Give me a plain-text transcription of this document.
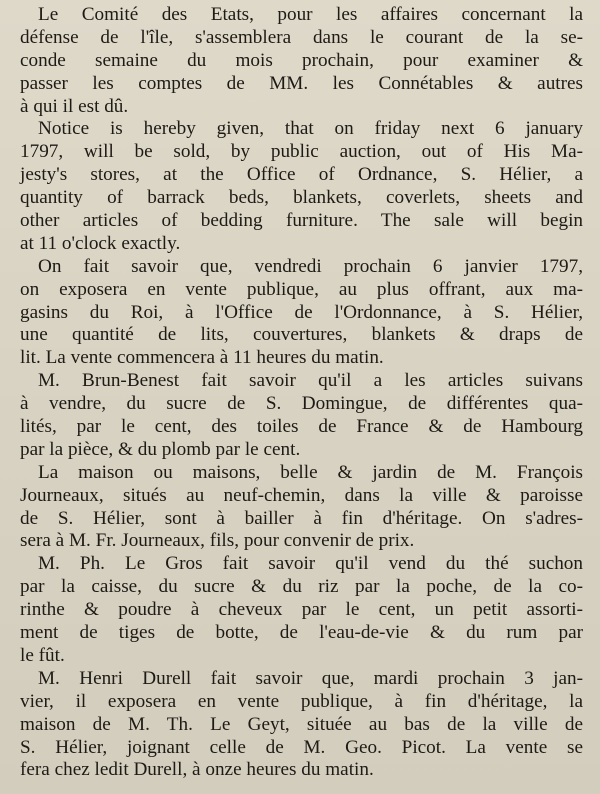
Le Comité des Etats, pour les affaires concernant la
défense de l'île, s'assemblera dans le courant de la se-
conde semaine du mois prochain, pour examiner &
passer les comptes de MM. les Connétables & autres
à qui il est dû.
Notice is hereby given, that on friday next 6 january
1797, will be sold, by public auction, out of His Ma-
jesty's stores, at the Office of Ordnance, S. Hélier, a
quantity of barrack beds, blankets, coverlets, sheets and
other articles of bedding furniture. The sale will begin
at 11 o'clock exactly.
On fait savoir que, vendredi prochain 6 janvier 1797,
on exposera en vente publique, au plus offrant, aux ma-
gasins du Roi, à l'Office de l'Ordonnance, à S. Hélier,
une quantité de lits, couvertures, blankets & draps de
lit. La vente commencera à 11 heures du matin.
M. Brun-Benest fait savoir qu'il a les articles suivans
à vendre, du sucre de S. Domingue, de différentes qua-
lités, par le cent, des toiles de France & de Hambourg
par la pièce, & du plomb par le cent.
La maison ou maisons, belle & jardin de M. François
Journeaux, situés au neuf-chemin, dans la ville & paroisse
de S. Hélier, sont à bailler à fin d'héritage. On s'adres-
sera à M. Fr. Journeaux, fils, pour convenir de prix.
M. Ph. Le Gros fait savoir qu'il vend du thé suchon
par la caisse, du sucre & du riz par la poche, de la co-
rinthe & poudre à cheveux par le cent, un petit assorti-
ment de tiges de botte, de l'eau-de-vie & du rum par
le fût.
M. Henri Durell fait savoir que, mardi prochain 3 jan-
vier, il exposera en vente publique, à fin d'héritage, la
maison de M. Th. Le Geyt, située au bas de la ville de
S. Hélier, joignant celle de M. Geo. Picot. La vente se
fera chez ledit Durell, à onze heures du matin.
